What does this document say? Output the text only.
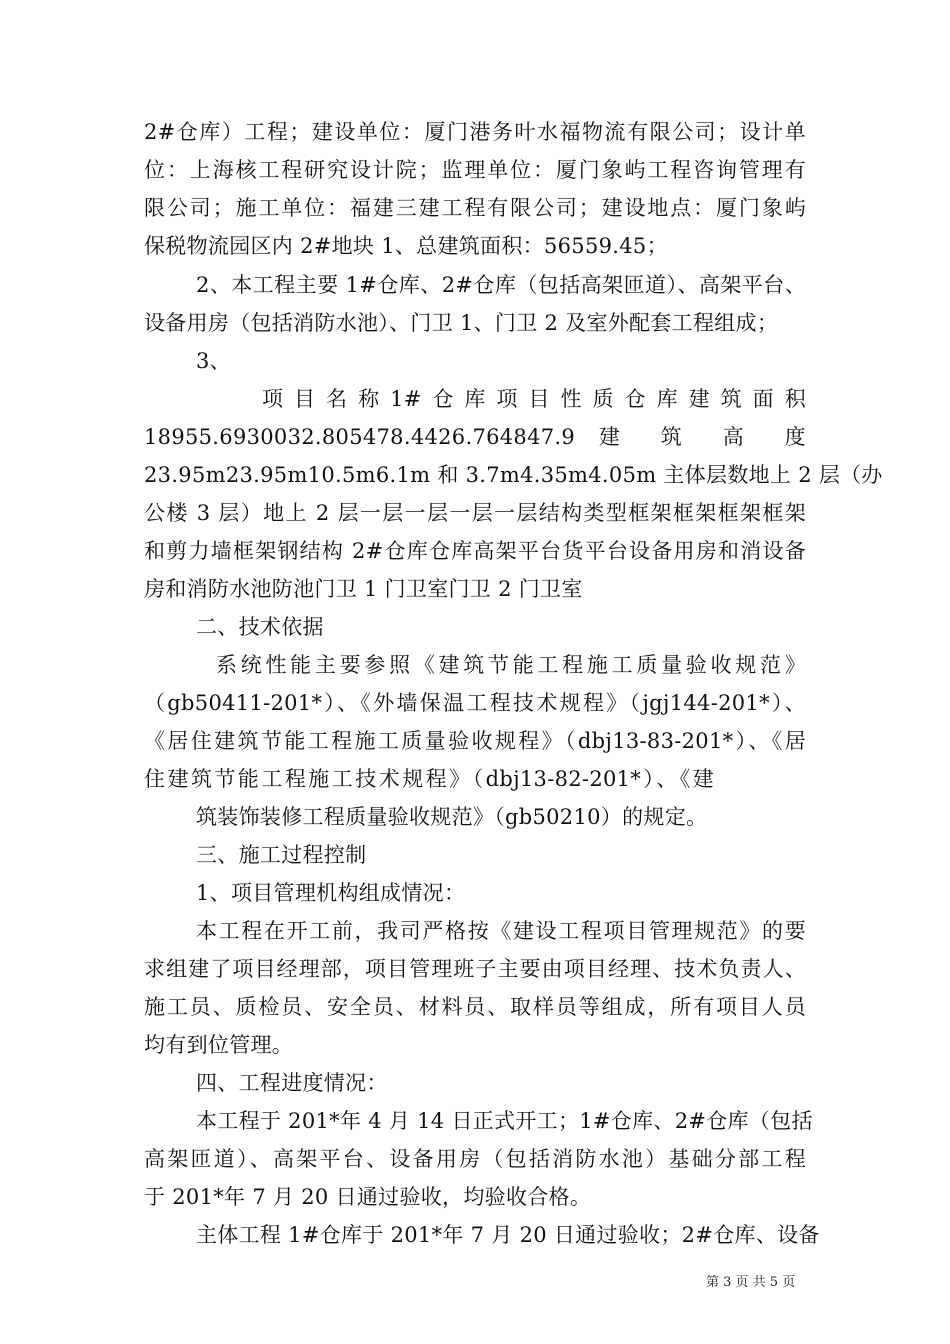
2#仓库）工程；建设单位：厦门港务叶水福物流有限公司；设计单
位：上海核工程研究设计院；监理单位：厦门象屿工程咨询管理有
限公司；施工单位：福建三建工程有限公司；建设地点：厦门象屿
保税物流园区内 2#地块 1、总建筑面积：56559.45；
2、本工程主要 1#仓库、2#仓库（包括高架匝道）、高架平台、
设备用房（包括消防水池）、门卫 1、门卫 2 及室外配套工程组成；
3、
项目名称1#仓库项目性质仓库建筑面积
18955.6930032.805478.4426.764847.9 建 筑 高 度
23.95m23.95m10.5m6.1m 和 3.7m4.35m4.05m 主体层数地上 2 层（办
公楼 3 层）地上 2 层一层一层一层一层结构类型框架框架框架框架
和剪力墙框架钢结构 2#仓库仓库高架平台货平台设备用房和消设备
房和消防水池防池门卫 1 门卫室门卫 2 门卫室
二、技术依据
系统性能主要参照《建筑节能工程施工质量验收规范》
（gb50411-201*）、《外墙保温工程技术规程》（jgj144-201*）、
《居住建筑节能工程施工质量验收规程》（dbj13-83-201*）、《居
住建筑节能工程施工技术规程》（dbj13-82-201*）、《建
筑装饰装修工程质量验收规范》（gb50210）的规定。
三、施工过程控制
1、项目管理机构组成情况：
本工程在开工前，我司严格按《建设工程项目管理规范》的要
求组建了项目经理部，项目管理班子主要由项目经理、技术负责人、
施工员、质检员、安全员、材料员、取样员等组成，所有项目人员
均有到位管理。
四、工程进度情况：
本工程于 201*年 4 月 14 日正式开工；1#仓库、2#仓库（包括
高架匝道）、高架平台、设备用房（包括消防水池）基础分部工程
于 201*年 7 月 20 日通过验收，均验收合格。
主体工程 1#仓库于 201*年 7 月 20 日通过验收；2#仓库、设备
第 3 页 共 5 页
